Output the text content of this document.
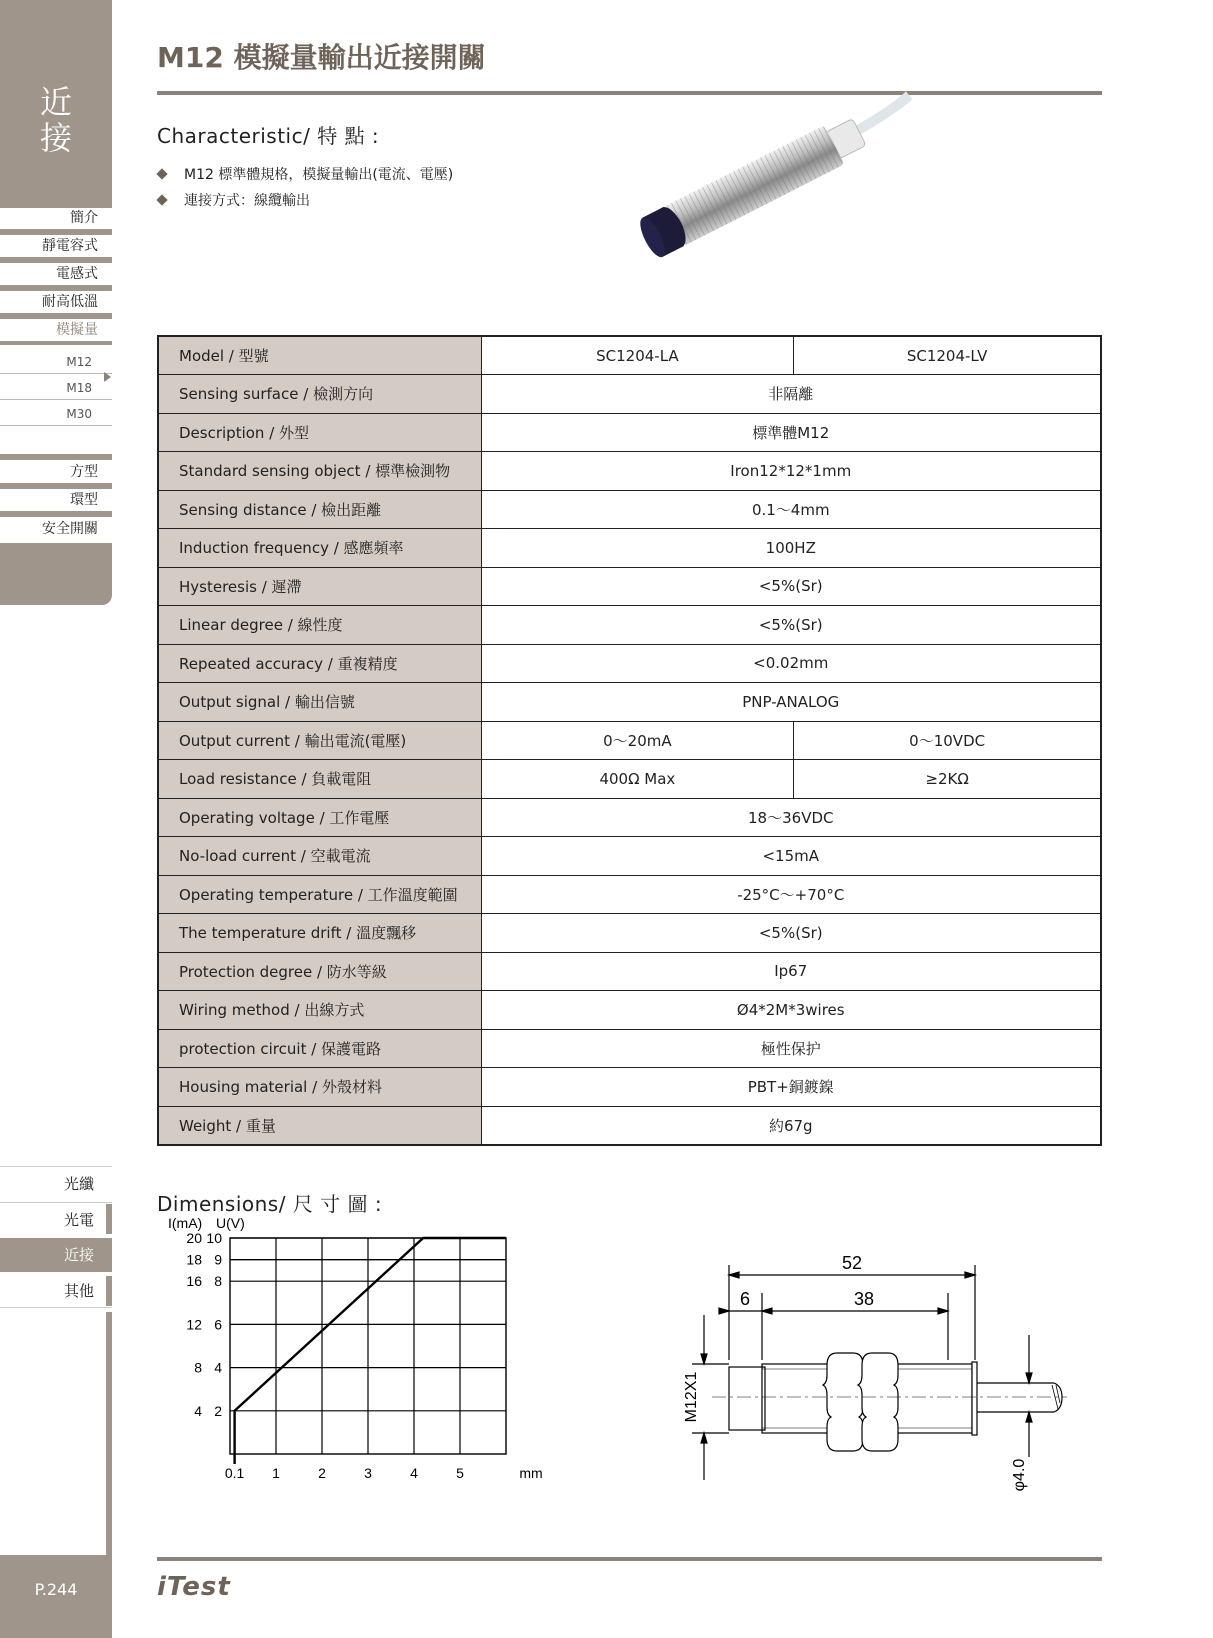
近
接
簡介
靜電容式
電感式
耐高低溫
模擬量
M12
M18
M30
方型
環型
安全開關
光纖
光電
近接
其他
P.244
M12 模擬量輸出近接開關
Characteristic/ 特 點 :
M12 標準體規格，模擬量輸出(電流、電壓)
連接方式：線纜輸出
Model / 型號	SC1204-LA	SC1204-LV
Sensing surface / 檢測方向	非隔離	
Description / 外型	標準體M12	
Standard sensing object / 標準檢測物	Iron12*12*1mm	
Sensing distance / 檢出距離	0.1～4mm	
Induction frequency / 感應頻率	100HZ	
Hysteresis / 遲滯	<5%(Sr)	
Linear degree / 線性度	<5%(Sr)	
Repeated accuracy / 重複精度	<0.02mm	
Output signal / 輸出信號	PNP-ANALOG	
Output current / 輸出電流(電壓)	0～20mA	0～10VDC
Load resistance / 負載電阻	400Ω Max	≥2KΩ
Operating voltage / 工作電壓	18～36VDC	
No-load current / 空載電流	<15mA	
Operating temperature / 工作溫度範圍	-25°C～+70°C	
The temperature drift / 溫度飄移	<5%(Sr)	
Protection degree / 防水等級	Ip67	
Wiring method / 出線方式	Ø4*2M*3wires	
protection circuit / 保護電路	極性保护	
Housing material / 外殼材料	PBT+銅鍍鎳	
Weight / 重量	約67g	
Dimensions/ 尺 寸 圖 :
4 2
8 4
12 6
16 8
18 9
20 10
0.1 1	2	3	4	5	mm
I(mA) U(V)
52
38
6
M12X1
φ4.0
iTest
